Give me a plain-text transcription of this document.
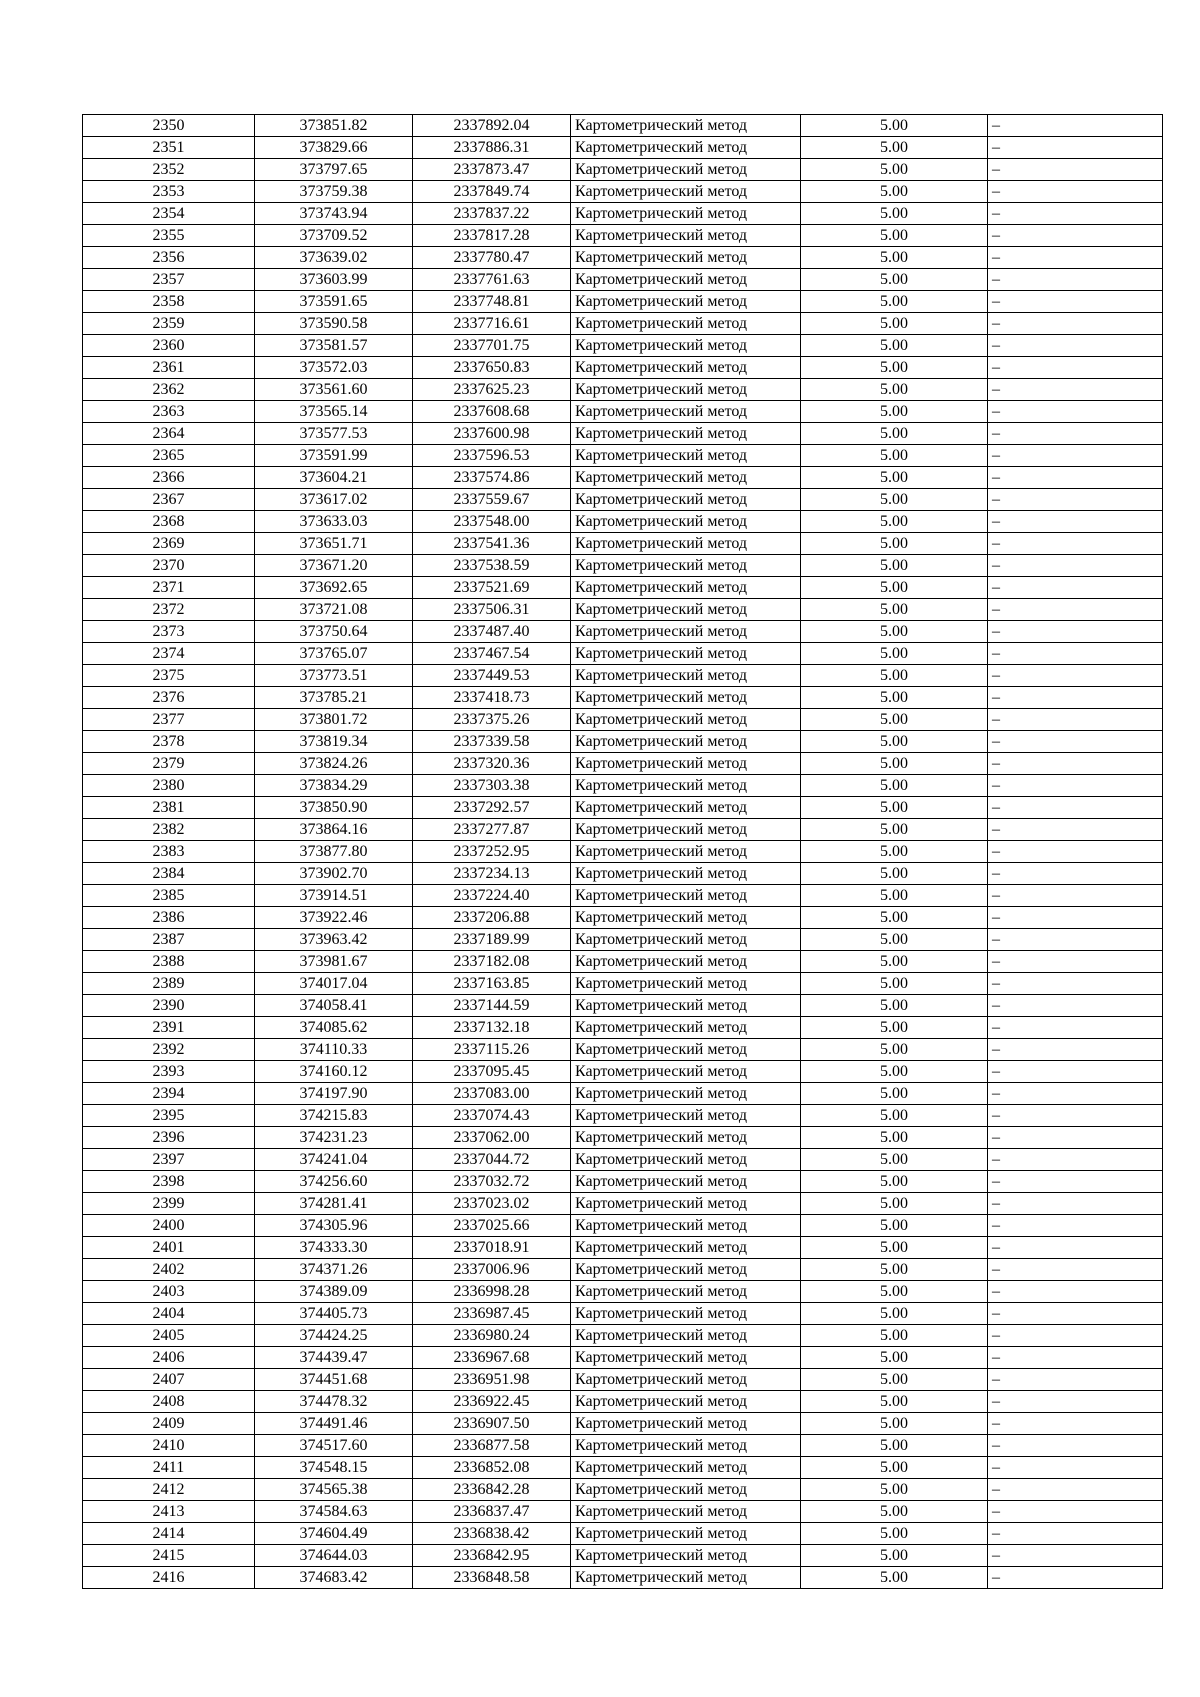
2350	373851.82	2337892.04	Картометрический метод	5.00	–
2351	373829.66	2337886.31	Картометрический метод	5.00	–
2352	373797.65	2337873.47	Картометрический метод	5.00	–
2353	373759.38	2337849.74	Картометрический метод	5.00	–
2354	373743.94	2337837.22	Картометрический метод	5.00	–
2355	373709.52	2337817.28	Картометрический метод	5.00	–
2356	373639.02	2337780.47	Картометрический метод	5.00	–
2357	373603.99	2337761.63	Картометрический метод	5.00	–
2358	373591.65	2337748.81	Картометрический метод	5.00	–
2359	373590.58	2337716.61	Картометрический метод	5.00	–
2360	373581.57	2337701.75	Картометрический метод	5.00	–
2361	373572.03	2337650.83	Картометрический метод	5.00	–
2362	373561.60	2337625.23	Картометрический метод	5.00	–
2363	373565.14	2337608.68	Картометрический метод	5.00	–
2364	373577.53	2337600.98	Картометрический метод	5.00	–
2365	373591.99	2337596.53	Картометрический метод	5.00	–
2366	373604.21	2337574.86	Картометрический метод	5.00	–
2367	373617.02	2337559.67	Картометрический метод	5.00	–
2368	373633.03	2337548.00	Картометрический метод	5.00	–
2369	373651.71	2337541.36	Картометрический метод	5.00	–
2370	373671.20	2337538.59	Картометрический метод	5.00	–
2371	373692.65	2337521.69	Картометрический метод	5.00	–
2372	373721.08	2337506.31	Картометрический метод	5.00	–
2373	373750.64	2337487.40	Картометрический метод	5.00	–
2374	373765.07	2337467.54	Картометрический метод	5.00	–
2375	373773.51	2337449.53	Картометрический метод	5.00	–
2376	373785.21	2337418.73	Картометрический метод	5.00	–
2377	373801.72	2337375.26	Картометрический метод	5.00	–
2378	373819.34	2337339.58	Картометрический метод	5.00	–
2379	373824.26	2337320.36	Картометрический метод	5.00	–
2380	373834.29	2337303.38	Картометрический метод	5.00	–
2381	373850.90	2337292.57	Картометрический метод	5.00	–
2382	373864.16	2337277.87	Картометрический метод	5.00	–
2383	373877.80	2337252.95	Картометрический метод	5.00	–
2384	373902.70	2337234.13	Картометрический метод	5.00	–
2385	373914.51	2337224.40	Картометрический метод	5.00	–
2386	373922.46	2337206.88	Картометрический метод	5.00	–
2387	373963.42	2337189.99	Картометрический метод	5.00	–
2388	373981.67	2337182.08	Картометрический метод	5.00	–
2389	374017.04	2337163.85	Картометрический метод	5.00	–
2390	374058.41	2337144.59	Картометрический метод	5.00	–
2391	374085.62	2337132.18	Картометрический метод	5.00	–
2392	374110.33	2337115.26	Картометрический метод	5.00	–
2393	374160.12	2337095.45	Картометрический метод	5.00	–
2394	374197.90	2337083.00	Картометрический метод	5.00	–
2395	374215.83	2337074.43	Картометрический метод	5.00	–
2396	374231.23	2337062.00	Картометрический метод	5.00	–
2397	374241.04	2337044.72	Картометрический метод	5.00	–
2398	374256.60	2337032.72	Картометрический метод	5.00	–
2399	374281.41	2337023.02	Картометрический метод	5.00	–
2400	374305.96	2337025.66	Картометрический метод	5.00	–
2401	374333.30	2337018.91	Картометрический метод	5.00	–
2402	374371.26	2337006.96	Картометрический метод	5.00	–
2403	374389.09	2336998.28	Картометрический метод	5.00	–
2404	374405.73	2336987.45	Картометрический метод	5.00	–
2405	374424.25	2336980.24	Картометрический метод	5.00	–
2406	374439.47	2336967.68	Картометрический метод	5.00	–
2407	374451.68	2336951.98	Картометрический метод	5.00	–
2408	374478.32	2336922.45	Картометрический метод	5.00	–
2409	374491.46	2336907.50	Картометрический метод	5.00	–
2410	374517.60	2336877.58	Картометрический метод	5.00	–
2411	374548.15	2336852.08	Картометрический метод	5.00	–
2412	374565.38	2336842.28	Картометрический метод	5.00	–
2413	374584.63	2336837.47	Картометрический метод	5.00	–
2414	374604.49	2336838.42	Картометрический метод	5.00	–
2415	374644.03	2336842.95	Картометрический метод	5.00	–
2416	374683.42	2336848.58	Картометрический метод	5.00	–
